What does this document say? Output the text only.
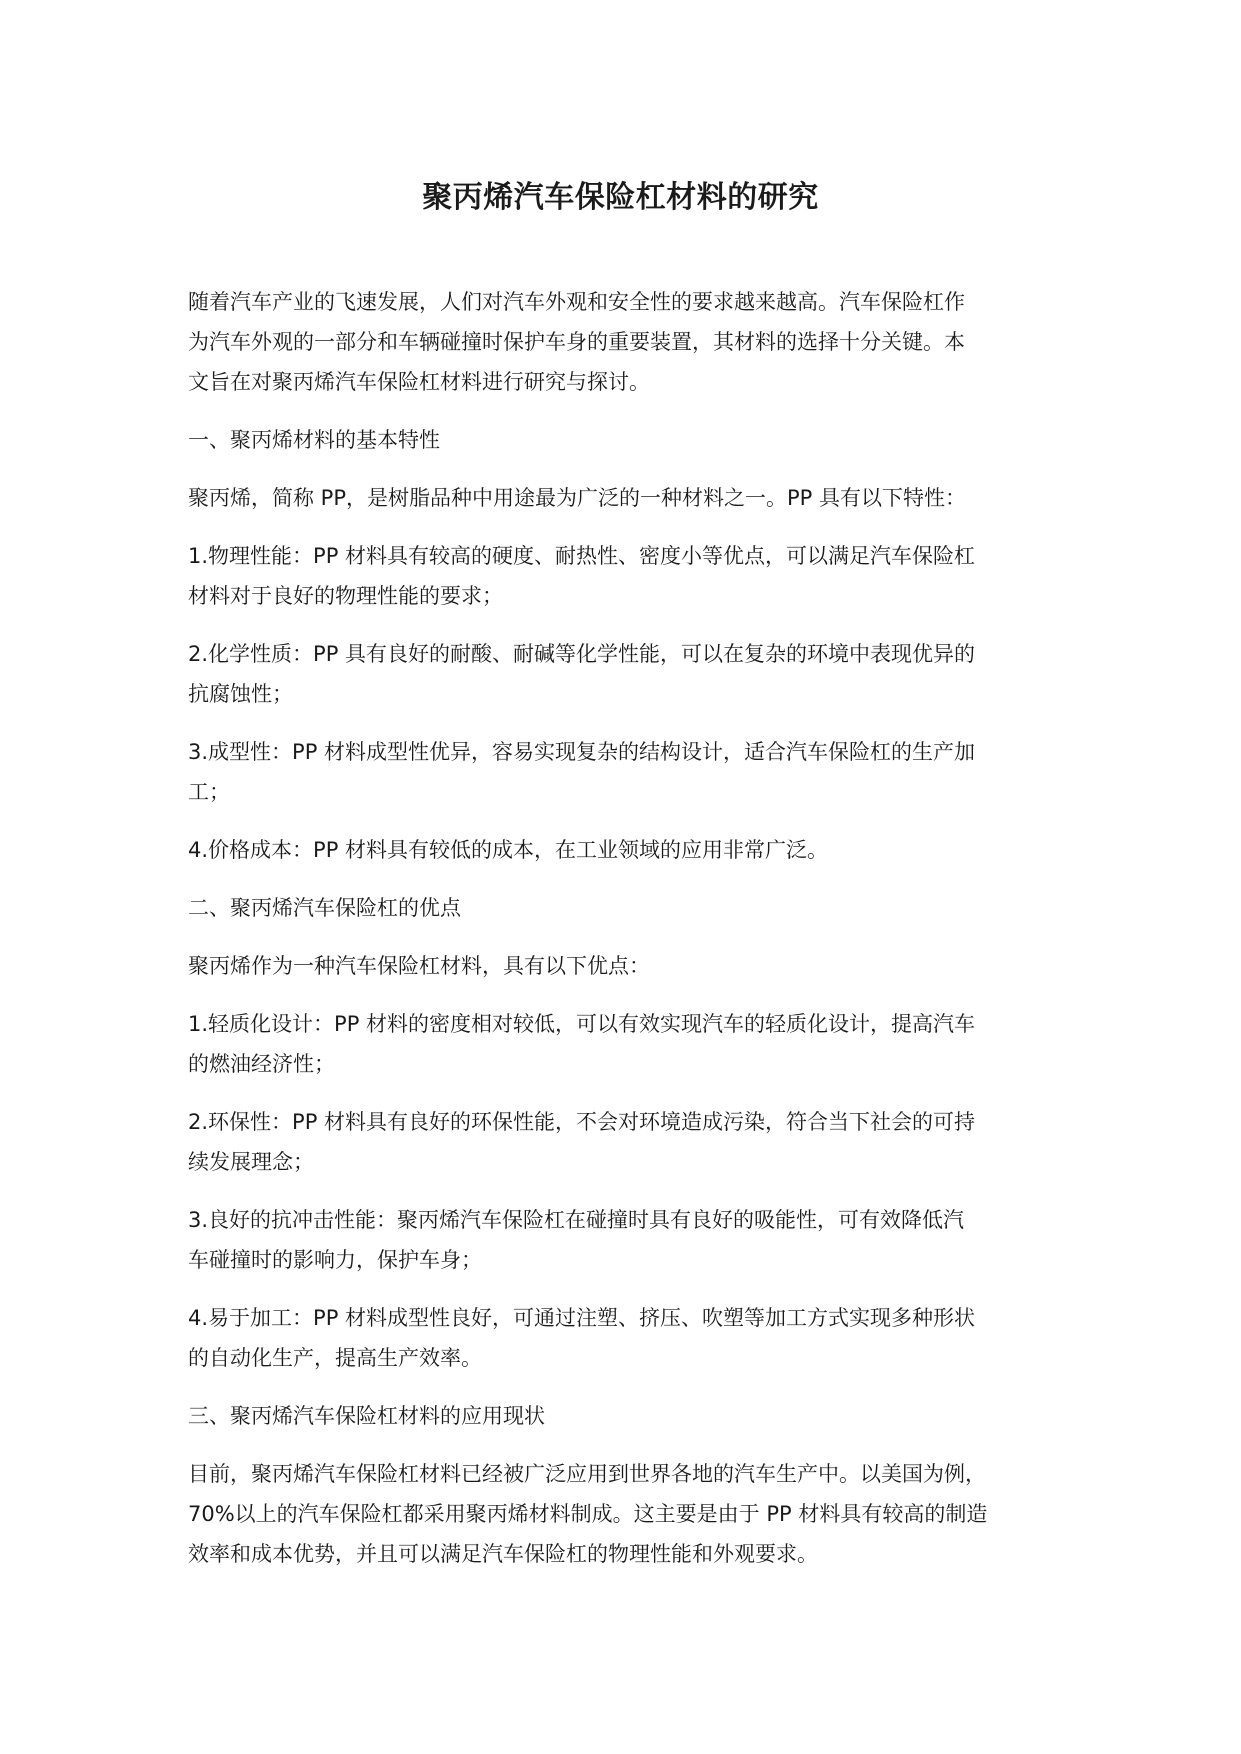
聚丙烯汽车保险杠材料的研究

随着汽车产业的飞速发展，人们对汽车外观和安全性的要求越来越高。汽车保险杠作
为汽车外观的一部分和车辆碰撞时保护车身的重要装置，其材料的选择十分关键。本
文旨在对聚丙烯汽车保险杠材料进行研究与探讨。

一、聚丙烯材料的基本特性

聚丙烯，简称 PP，是树脂品种中用途最为广泛的一种材料之一。PP 具有以下特性：

1.物理性能：PP 材料具有较高的硬度、耐热性、密度小等优点，可以满足汽车保险杠
材料对于良好的物理性能的要求；

2.化学性质：PP 具有良好的耐酸、耐碱等化学性能，可以在复杂的环境中表现优异的
抗腐蚀性；

3.成型性：PP 材料成型性优异，容易实现复杂的结构设计，适合汽车保险杠的生产加
工；

4.价格成本：PP 材料具有较低的成本，在工业领域的应用非常广泛。

二、聚丙烯汽车保险杠的优点

聚丙烯作为一种汽车保险杠材料，具有以下优点：

1.轻质化设计：PP 材料的密度相对较低，可以有效实现汽车的轻质化设计，提高汽车
的燃油经济性；

2.环保性：PP 材料具有良好的环保性能，不会对环境造成污染，符合当下社会的可持
续发展理念；

3.良好的抗冲击性能：聚丙烯汽车保险杠在碰撞时具有良好的吸能性，可有效降低汽
车碰撞时的影响力，保护车身；

4.易于加工：PP 材料成型性良好，可通过注塑、挤压、吹塑等加工方式实现多种形状
的自动化生产，提高生产效率。

三、聚丙烯汽车保险杠材料的应用现状

目前，聚丙烯汽车保险杠材料已经被广泛应用到世界各地的汽车生产中。以美国为例，
70%以上的汽车保险杠都采用聚丙烯材料制成。这主要是由于 PP 材料具有较高的制造
效率和成本优势，并且可以满足汽车保险杠的物理性能和外观要求。
